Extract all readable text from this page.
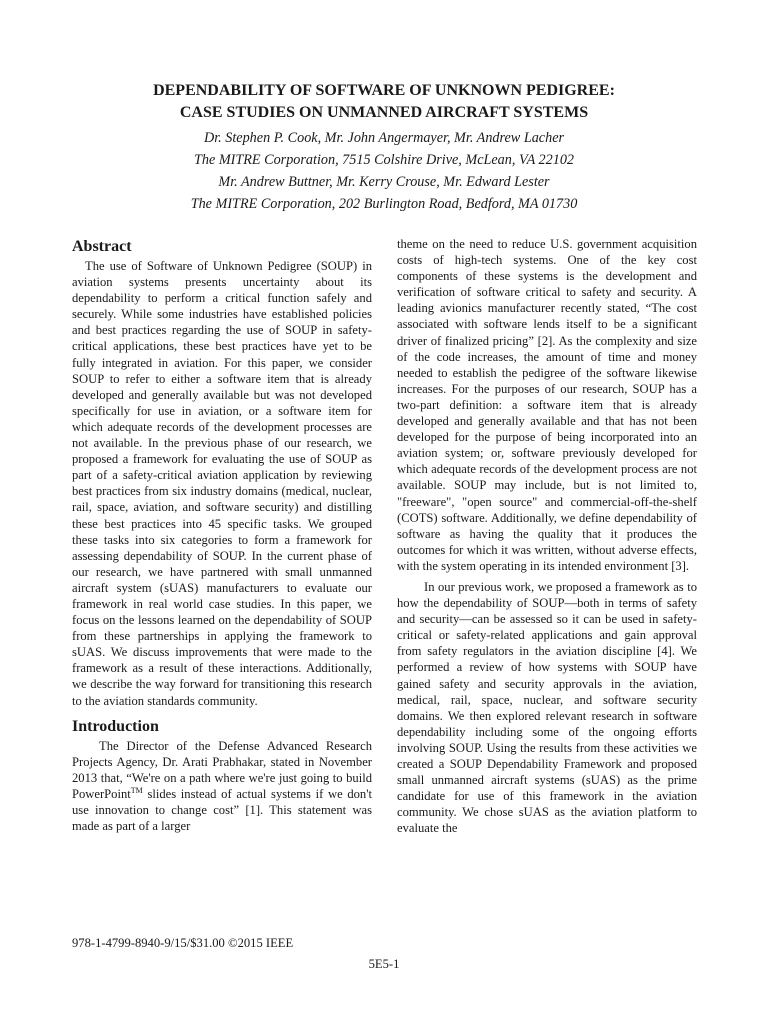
DEPENDABILITY OF SOFTWARE OF UNKNOWN PEDIGREE:
CASE STUDIES ON UNMANNED AIRCRAFT SYSTEMS
Dr. Stephen P. Cook, Mr. John Angermayer, Mr. Andrew Lacher
The MITRE Corporation, 7515 Colshire Drive, McLean, VA 22102
Mr. Andrew Buttner, Mr. Kerry Crouse, Mr. Edward Lester
The MITRE Corporation, 202 Burlington Road, Bedford, MA 01730
Abstract

The use of Software of Unknown Pedigree (SOUP) in aviation systems presents uncertainty about its dependability to perform a critical function safely and securely. While some industries have established policies and best practices regarding the use of SOUP in safety-critical applications, these best practices have yet to be fully integrated in aviation. For this paper, we consider SOUP to refer to either a software item that is already developed and generally available but was not developed specifically for use in aviation, or a software item for which adequate records of the development processes are not available. In the previous phase of our research, we proposed a framework for evaluating the use of SOUP as part of a safety-critical aviation application by reviewing best practices from six industry domains (medical, nuclear, rail, space, aviation, and software security) and distilling these best practices into 45 specific tasks. We grouped these tasks into six categories to form a framework for assessing dependability of SOUP. In the current phase of our research, we have partnered with small unmanned aircraft system (sUAS) manufacturers to evaluate our framework in real world case studies. In this paper, we focus on the lessons learned on the dependability of SOUP from these partnerships in applying the framework to sUAS. We discuss improvements that were made to the framework as a result of these interactions. Additionally, we describe the way forward for transitioning this research to the aviation standards community.

Introduction

The Director of the Defense Advanced Research Projects Agency, Dr. Arati Prabhakar, stated in November 2013 that, “We're on a path where we're just going to build PowerPoint™ slides instead of actual systems if we don't use innovation to change cost” [1]. This statement was made as part of a larger

theme on the need to reduce U.S. government acquisition costs of high-tech systems. One of the key cost components of these systems is the development and verification of software critical to safety and security. A leading avionics manufacturer recently stated, “The cost associated with software lends itself to be a significant driver of finalized pricing” [2]. As the complexity and size of the code increases, the amount of time and money needed to establish the pedigree of the software likewise increases. For the purposes of our research, SOUP has a two-part definition: a software item that is already developed and generally available and that has not been developed for the purpose of being incorporated into an aviation system; or, software previously developed for which adequate records of the development process are not available. SOUP may include, but is not limited to, "freeware", "open source" and commercial-off-the-shelf (COTS) software. Additionally, we define dependability of software as having the quality that it produces the outcomes for which it was written, without adverse effects, with the system operating in its intended environment [3].

In our previous work, we proposed a framework as to how the dependability of SOUP—both in terms of safety and security—can be assessed so it can be used in safety-critical or safety-related applications and gain approval from safety regulators in the aviation discipline [4]. We performed a review of how systems with SOUP have gained safety and security approvals in the aviation, medical, rail, space, nuclear, and software security domains. We then explored relevant research in software dependability including some of the ongoing efforts involving SOUP. Using the results from these activities we created a SOUP Dependability Framework and proposed small unmanned aircraft systems (sUAS) as the prime candidate for use of this framework in the aviation community. We chose sUAS as the aviation platform to evaluate the

978-1-4799-8940-9/15/$31.00 ©2015 IEEE
5E5-1
